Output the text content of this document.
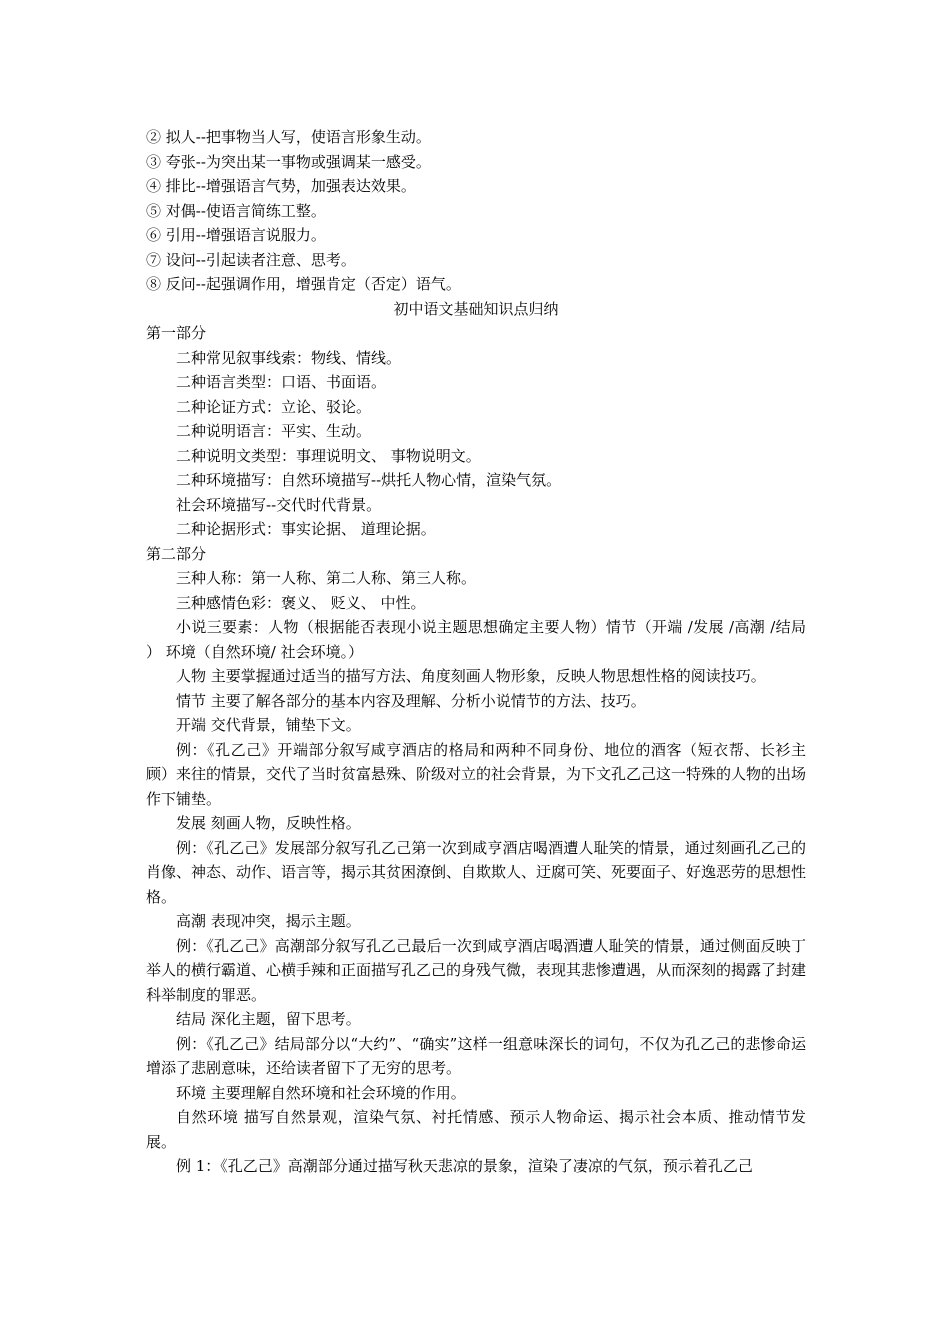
② 拟人--把事物当人写，使语言形象生动。
③ 夸张--为突出某一事物或强调某一感受。
④ 排比--增强语言气势，加强表达效果。
⑤ 对偶--使语言简练工整。
⑥ 引用--增强语言说服力。
⑦ 设问--引起读者注意、思考。
⑧ 反问--起强调作用，增强肯定（否定）语气。
初中语文基础知识点归纳
第一部分
二种常见叙事线索：物线、情线。
二种语言类型：口语、书面语。
二种论证方式：立论、驳论。
二种说明语言：平实、生动。
二种说明文类型：事理说明文、 事物说明文。
二种环境描写：自然环境描写--烘托人物心情，渲染气氛。
社会环境描写--交代时代背景。
二种论据形式：事实论据、 道理论据。
第二部分
三种人称：第一人称、第二人称、第三人称。
三种感情色彩：褒义、 贬义、 中性。
小说三要素：人物（根据能否表现小说主题思想确定主要人物）情节（开端 /发展 /高潮 /结局 ） 环境（自然环境/ 社会环境。）
人物 主要掌握通过适当的描写方法、角度刻画人物形象，反映人物思想性格的阅读技巧。
情节 主要了解各部分的基本内容及理解、分析小说情节的方法、技巧。
开端 交代背景，铺垫下文。
例：《孔乙己》开端部分叙写咸亨酒店的格局和两种不同身份、地位的酒客（短衣帮、长衫主顾）来往的情景，交代了当时贫富悬殊、阶级对立的社会背景，为下文孔乙己这一特殊的人物的出场作下铺垫。
发展 刻画人物，反映性格。
例：《孔乙己》发展部分叙写孔乙己第一次到咸亨酒店喝酒遭人耻笑的情景，通过刻画孔乙己的肖像、神态、动作、语言等，揭示其贫困潦倒、自欺欺人、迂腐可笑、死要面子、好逸恶劳的思想性格。
高潮 表现冲突，揭示主题。
例：《孔乙己》高潮部分叙写孔乙己最后一次到咸亨酒店喝酒遭人耻笑的情景，通过侧面反映丁举人的横行霸道、心横手辣和正面描写孔乙己的身残气微，表现其悲惨遭遇，从而深刻的揭露了封建科举制度的罪恶。
结局 深化主题，留下思考。
例：《孔乙己》结局部分以“大约”、“确实”这样一组意味深长的词句，不仅为孔乙己的悲惨命运增添了悲剧意味，还给读者留下了无穷的思考。
环境 主要理解自然环境和社会环境的作用。
自然环境 描写自然景观，渲染气氛、衬托情感、预示人物命运、揭示社会本质、推动情节发展。
例 1：《孔乙己》高潮部分通过描写秋天悲凉的景象，渲染了凄凉的气氛，预示着孔乙己
